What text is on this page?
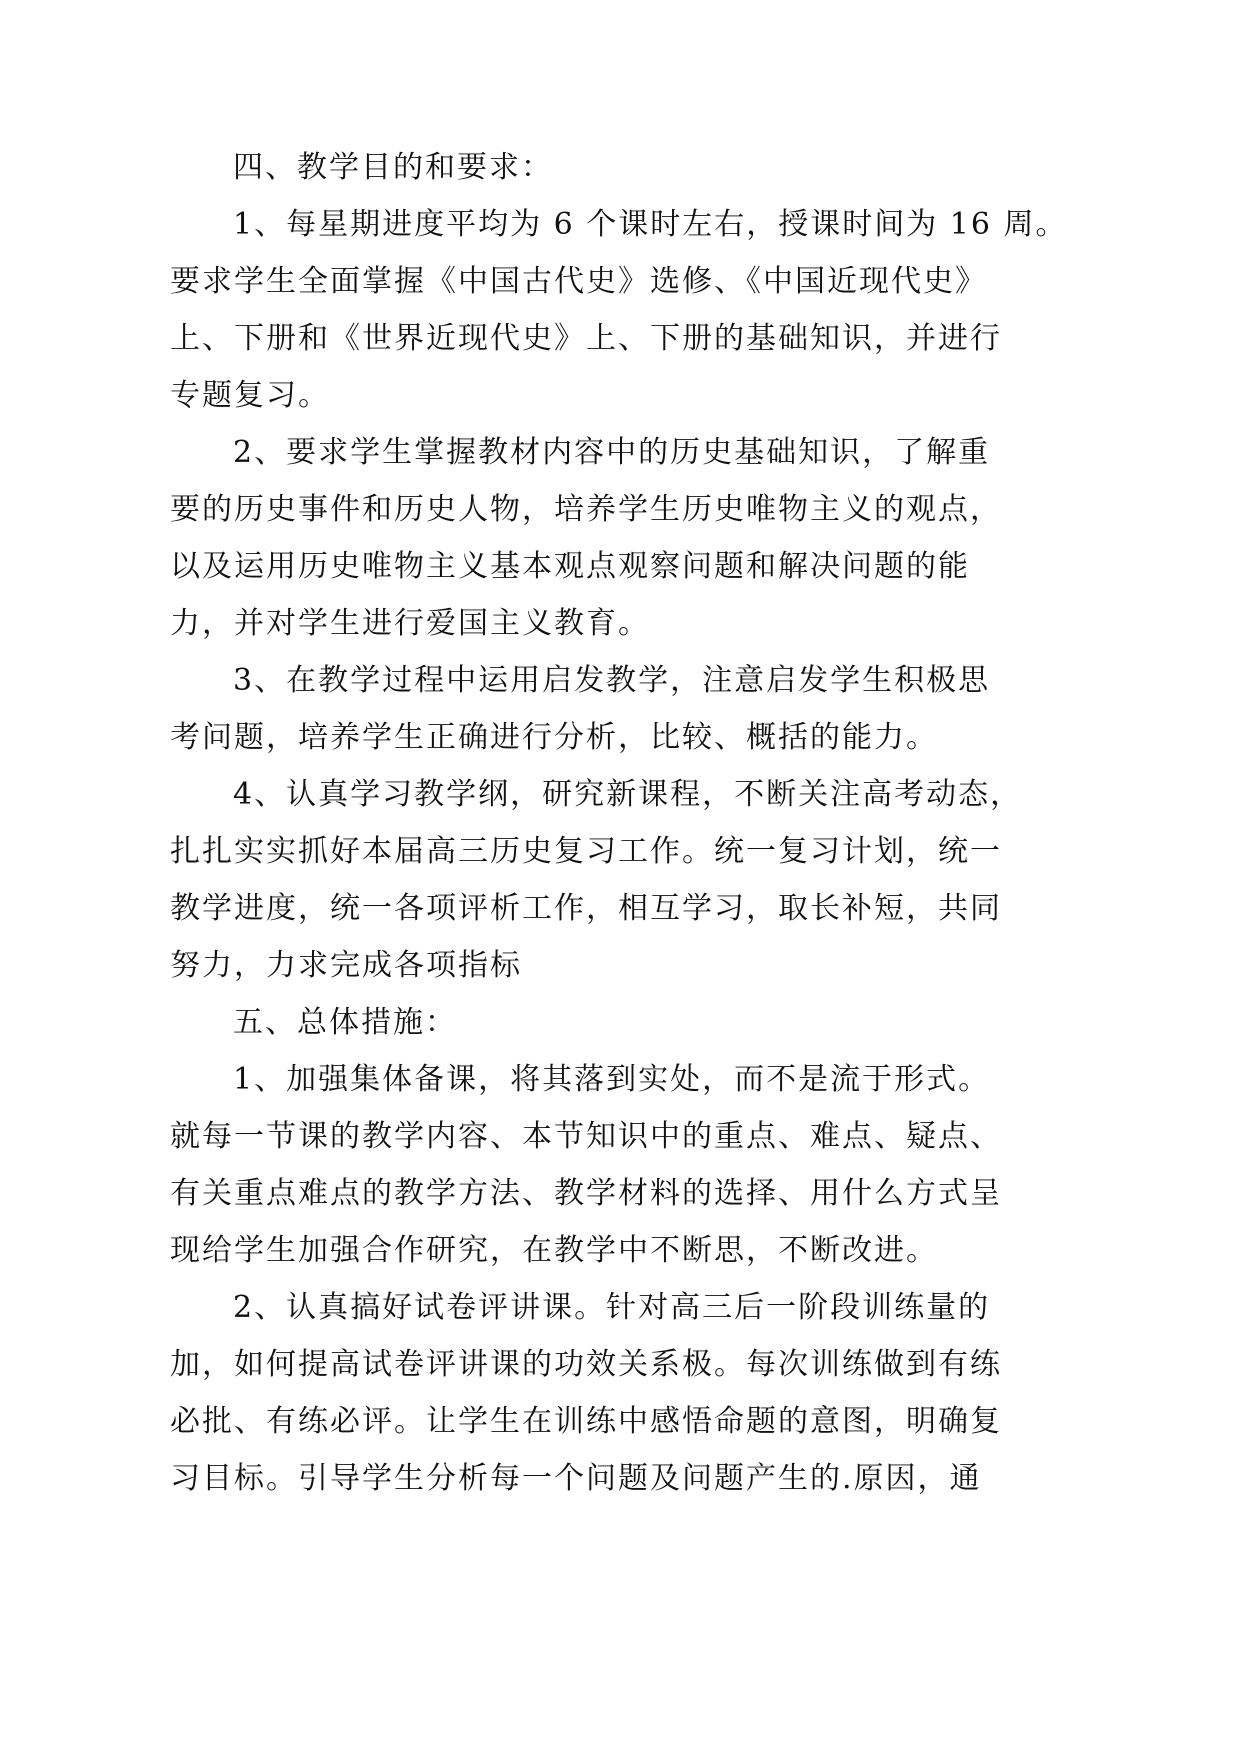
四、教学目的和要求：
1、每星期进度平均为 6 个课时左右，授课时间为 16 周。
要求学生全面掌握《中国古代史》选修、《中国近现代史》
上、下册和《世界近现代史》上、下册的基础知识，并进行
专题复习。
2、要求学生掌握教材内容中的历史基础知识，了解重
要的历史事件和历史人物，培养学生历史唯物主义的观点，
以及运用历史唯物主义基本观点观察问题和解决问题的能
力，并对学生进行爱国主义教育。
3、在教学过程中运用启发教学，注意启发学生积极思
考问题，培养学生正确进行分析，比较、概括的能力。
4、认真学习教学纲，研究新课程，不断关注高考动态，
扎扎实实抓好本届高三历史复习工作。统一复习计划，统一
教学进度，统一各项评析工作，相互学习，取长补短，共同
努力，力求完成各项指标
五、总体措施：
1、加强集体备课，将其落到实处，而不是流于形式。
就每一节课的教学内容、本节知识中的重点、难点、疑点、
有关重点难点的教学方法、教学材料的选择、用什么方式呈
现给学生加强合作研究，在教学中不断思，不断改进。
2、认真搞好试卷评讲课。针对高三后一阶段训练量的
加，如何提高试卷评讲课的功效关系极。每次训练做到有练
必批、有练必评。让学生在训练中感悟命题的意图，明确复
习目标。引导学生分析每一个问题及问题产生的.原因，通
